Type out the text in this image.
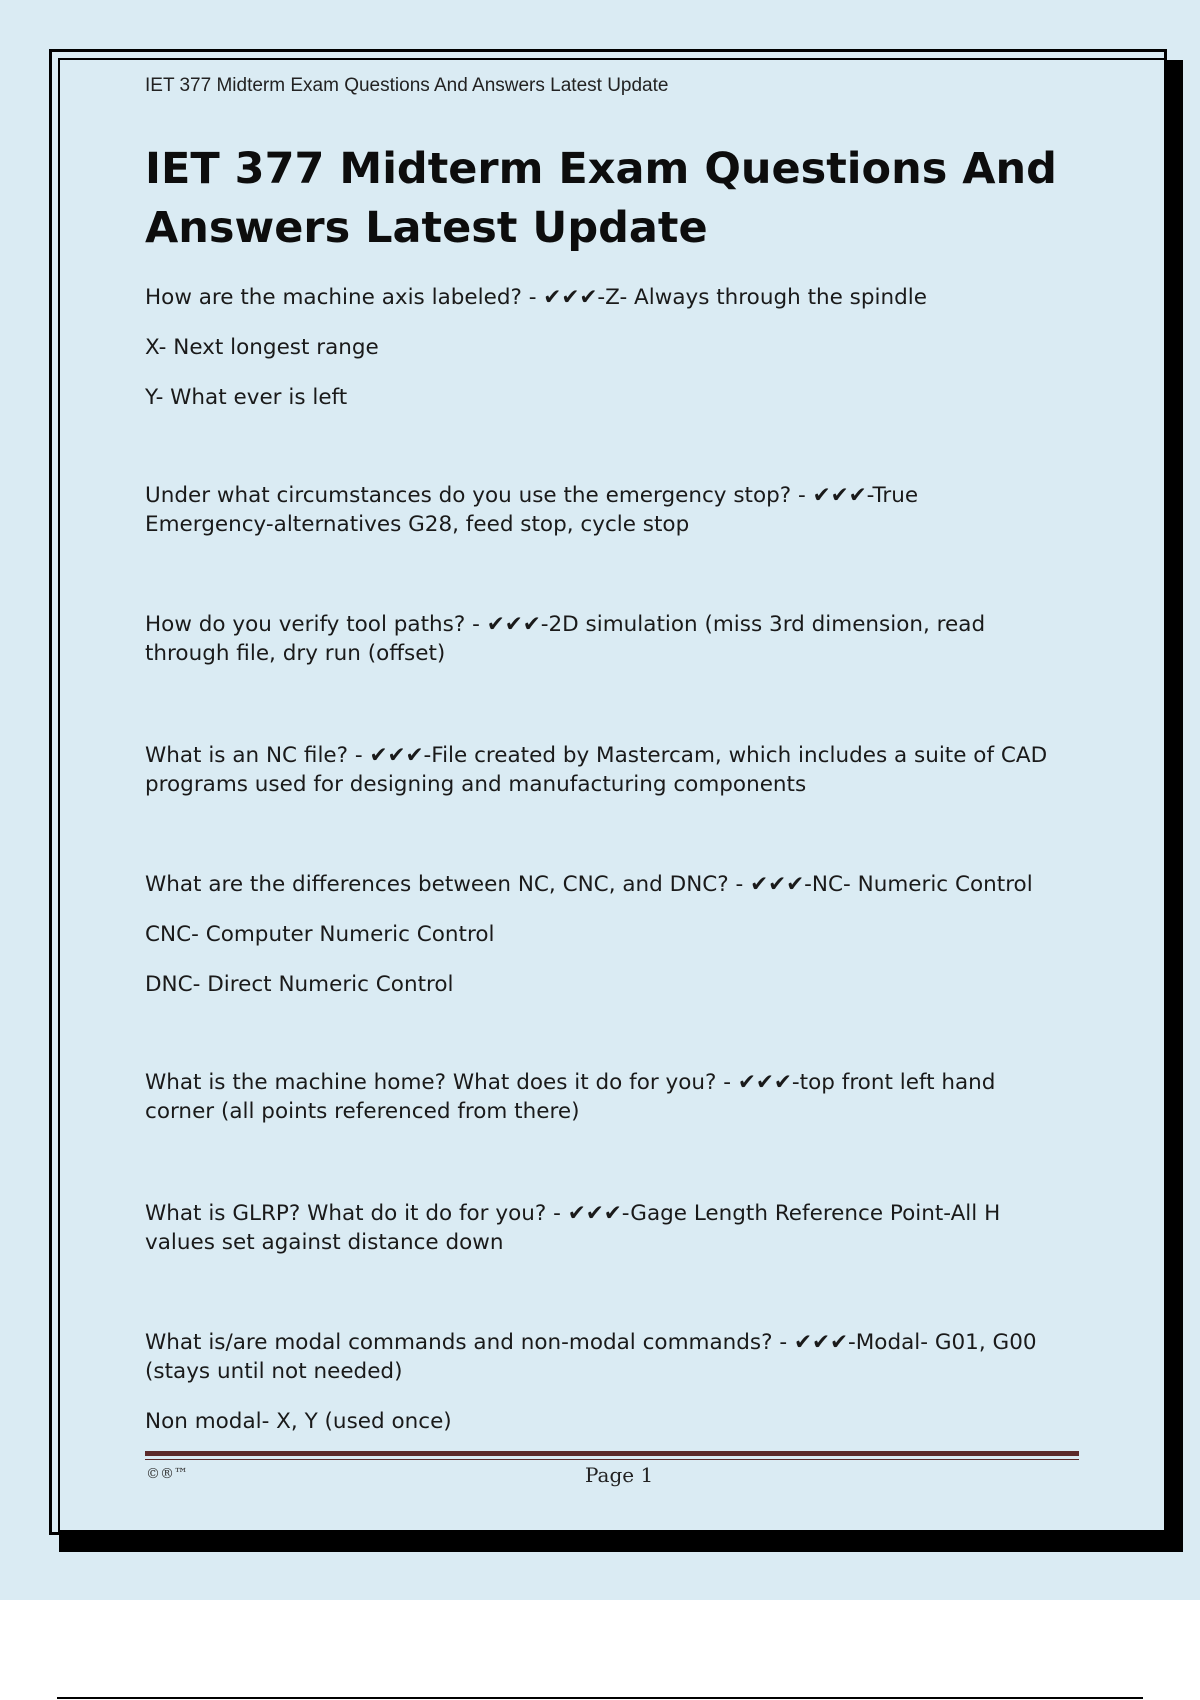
IET 377 Midterm Exam Questions And Answers Latest Update
IET 377 Midterm Exam Questions And Answers Latest Update

How are the machine axis labeled? - ✔✔✔-Z- Always through the spindle

X- Next longest range

Y- What ever is left

Under what circumstances do you use the emergency stop? - ✔✔✔-True Emergency-alternatives G28, feed stop, cycle stop

How do you verify tool paths? - ✔✔✔-2D simulation (miss 3rd dimension, read through file, dry run (offset)

What is an NC file? - ✔✔✔-File created by Mastercam, which includes a suite of CAD programs used for designing and manufacturing components

What are the differences between NC, CNC, and DNC? - ✔✔✔-NC- Numeric Control

CNC- Computer Numeric Control

DNC- Direct Numeric Control

What is the machine home? What does it do for you? - ✔✔✔-top front left hand corner (all points referenced from there)

What is GLRP? What do it do for you? - ✔✔✔-Gage Length Reference Point-All H values set against distance down

What is/are modal commands and non-modal commands? - ✔✔✔-Modal- G01, G00 (stays until not needed)

Non modal- X, Y (used once)

©®™	Page 1
